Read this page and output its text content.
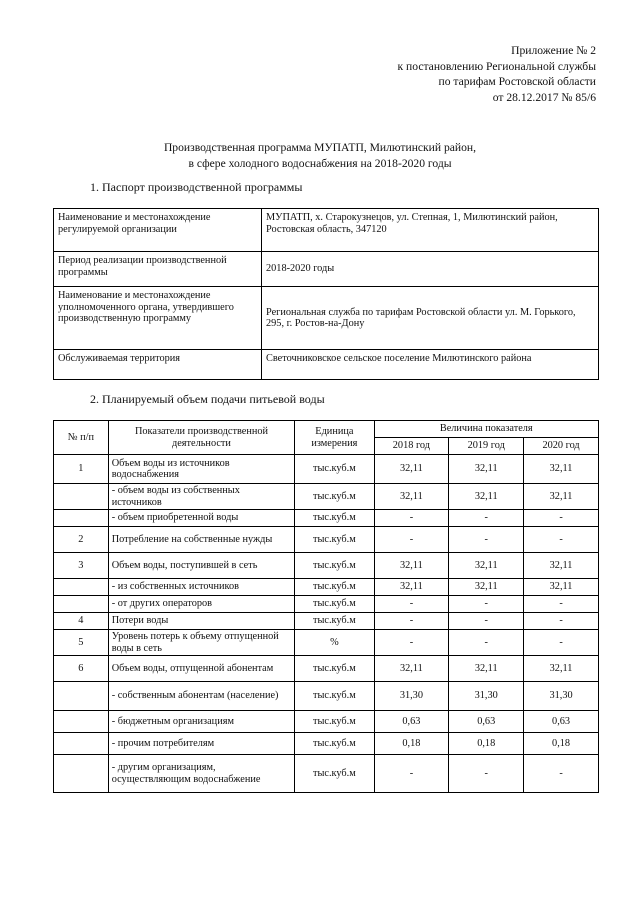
Приложение № 2
к постановлению Региональной службы
по тарифам Ростовской области
от 28.12.2017 № 85/6
Производственная программа МУПАТП, Милютинский район,
в сфере холодного водоснабжения на 2018-2020 годы
1. Паспорт производственной программы
Наименование и местонахождение регулируемой организации	МУПАТП, х. Старокузнецов, ул. Степная, 1, Милютинский район, Ростовская область, 347120
Период реализации производственной программы	2018-2020 годы
Наименование и местонахождение уполномоченного органа, утвердившего производственную программу	Региональная служба по тарифам Ростовской области ул. М. Горького, 295, г. Ростов-на-Дону
Обслуживаемая территория	Светочниковское сельское поселение Милютинского района
2. Планируемый объем подачи питьевой воды
№ п/п	Показатели производственной деятельности	Единица измерения	Величина показателя		
			2018 год	2019 год	2020 год
1	Объем воды из источников водоснабжения	тыс.куб.м	32,11	32,11	32,11
	- объем воды из собственных источников	тыс.куб.м	32,11	32,11	32,11
	- объем приобретенной воды	тыс.куб.м	-	-	-
2	Потребление на собственные нужды	тыс.куб.м	-	-	-
3	Объем воды, поступившей в сеть	тыс.куб.м	32,11	32,11	32,11
	- из собственных источников	тыс.куб.м	32,11	32,11	32,11
	- от других операторов	тыс.куб.м	-	-	-
4	Потери воды	тыс.куб.м	-	-	-
5	Уровень потерь к объему отпущенной воды в сеть	%	-	-	-
6	Объем воды, отпущенной абонентам	тыс.куб.м	32,11	32,11	32,11
	- собственным абонентам (население)	тыс.куб.м	31,30	31,30	31,30
	- бюджетным организациям	тыс.куб.м	0,63	0,63	0,63
	- прочим потребителям	тыс.куб.м	0,18	0,18	0,18
	- другим организациям, осуществляющим водоснабжение	тыс.куб.м	-	-	-
